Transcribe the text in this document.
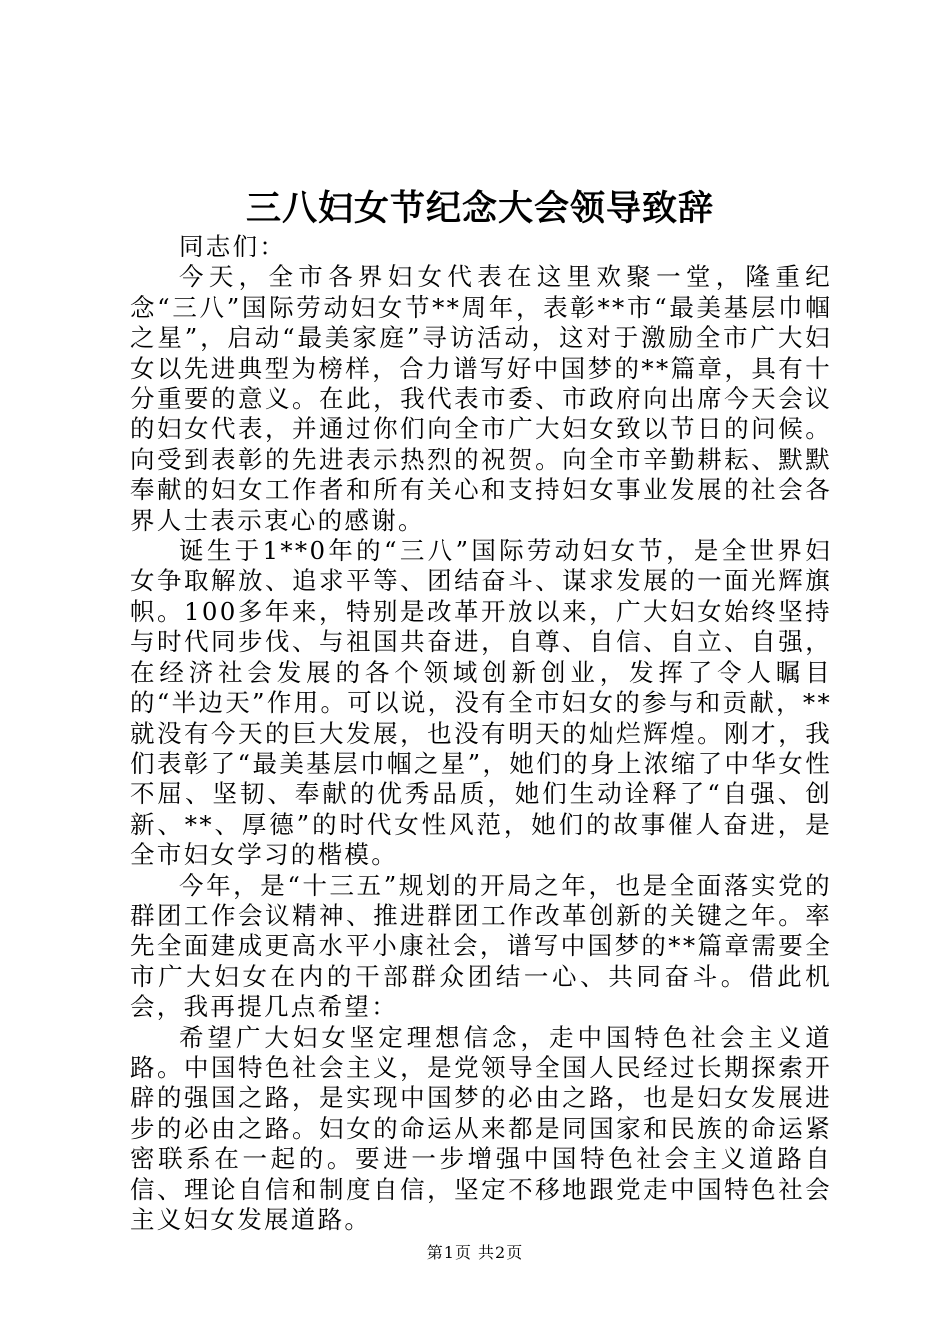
三八妇女节纪念大会领导致辞

同志们：

今天，全市各界妇女代表在这里欢聚一堂，隆重纪念“三八”国际劳动妇女节**周年，表彰**市“最美基层巾帼之星”，启动“最美家庭”寻访活动，这对于激励全市广大妇女以先进典型为榜样，合力谱写好中国梦的**篇章，具有十分重要的意义。在此，我代表市委、市政府向出席今天会议的妇女代表，并通过你们向全市广大妇女致以节日的问候。向受到表彰的先进表示热烈的祝贺。向全市辛勤耕耘、默默奉献的妇女工作者和所有关心和支持妇女事业发展的社会各界人士表示衷心的感谢。

诞生于1**0年的“三八”国际劳动妇女节，是全世界妇女争取解放、追求平等、团结奋斗、谋求发展的一面光辉旗帜。100多年来，特别是改革开放以来，广大妇女始终坚持与时代同步伐、与祖国共奋进，自尊、自信、自立、自强，在经济社会发展的各个领域创新创业，发挥了令人瞩目的“半边天”作用。可以说，没有全市妇女的参与和贡献，**就没有今天的巨大发展，也没有明天的灿烂辉煌。刚才，我们表彰了“最美基层巾帼之星”，她们的身上浓缩了中华女性不屈、坚韧、奉献的优秀品质，她们生动诠释了“自强、创新、**、厚德”的时代女性风范，她们的故事催人奋进，是全市妇女学习的楷模。

今年，是“十三五”规划的开局之年，也是全面落实党的群团工作会议精神、推进群团工作改革创新的关键之年。率先全面建成更高水平小康社会，谱写中国梦的**篇章需要全市广大妇女在内的干部群众团结一心、共同奋斗。借此机会，我再提几点希望：

希望广大妇女坚定理想信念，走中国特色社会主义道路。中国特色社会主义，是党领导全国人民经过长期探索开辟的强国之路，是实现中国梦的必由之路，也是妇女发展进步的必由之路。妇女的命运从来都是同国家和民族的命运紧密联系在一起的。要进一步增强中国特色社会主义道路自信、理论自信和制度自信，坚定不移地跟党走中国特色社会主义妇女发展道路。

第1页 共2页
